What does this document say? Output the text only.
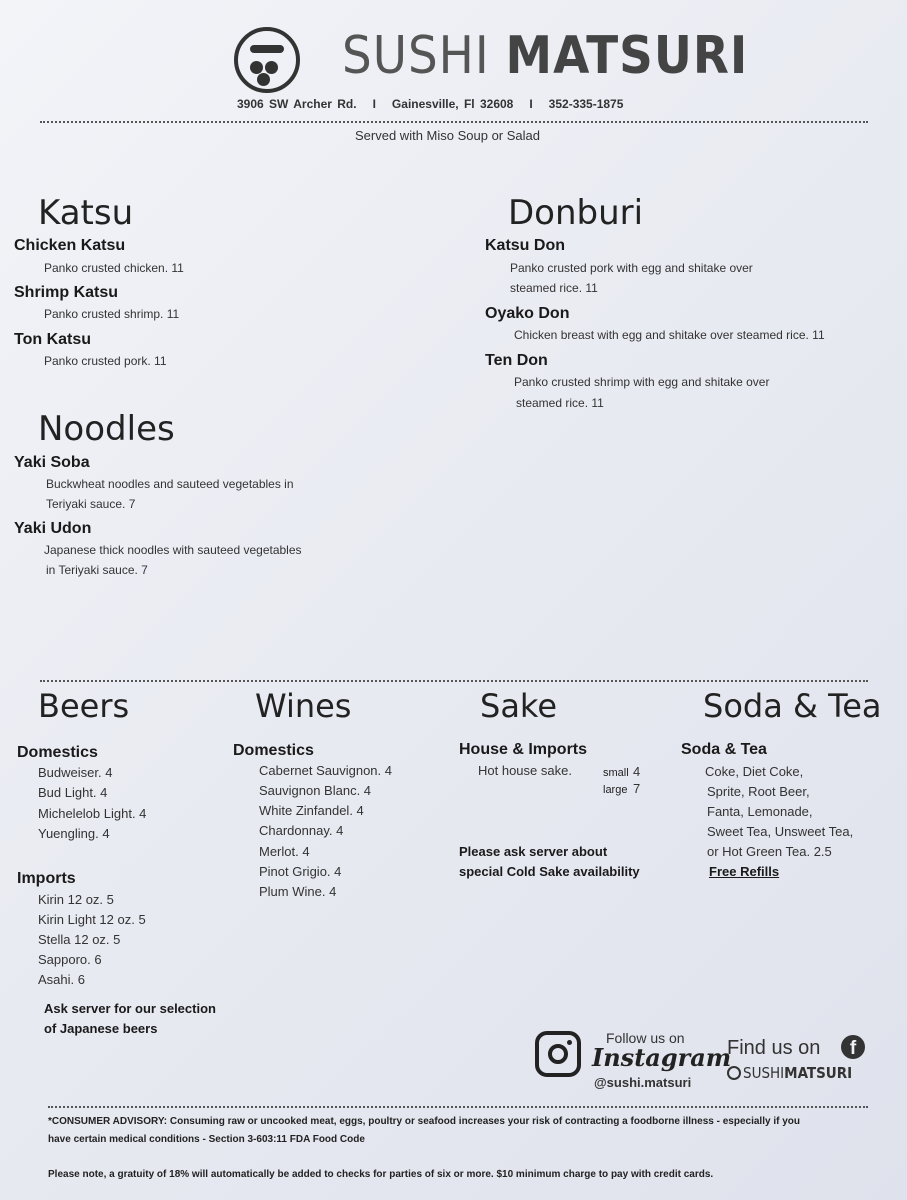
SUSHI MATSURI
3906 SW Archer Rd.   I   Gainesville, Fl 32608   I   352-335-1875
Served with Miso Soup or Salad
Katsu
Chicken Katsu
Panko crusted chicken. 11
Shrimp Katsu
Panko crusted shrimp. 11
Ton Katsu
Panko crusted pork. 11
Donburi
Katsu Don
Panko crusted pork with egg and shitake over
steamed rice. 11
Oyako Don
Chicken breast with egg and shitake over steamed rice. 11
Ten Don
Panko crusted shrimp with egg and shitake over
steamed rice. 11
Noodles
Yaki Soba
Buckwheat noodles and sauteed vegetables in
Teriyaki sauce. 7
Yaki Udon
Japanese thick noodles with sauteed vegetables
in Teriyaki sauce. 7
Beers
Domestics
Budweiser. 4
Bud Light. 4
Michelelob Light. 4
Yuengling. 4
Imports
Kirin 12 oz. 5
Kirin Light 12 oz. 5
Stella 12 oz. 5
Sapporo. 6
Asahi. 6
Ask server for our selection
of Japanese beers
Wines
Domestics
Cabernet Sauvignon. 4
Sauvignon Blanc. 4
White Zinfandel. 4
Chardonnay. 4
Merlot. 4
Pinot Grigio. 4
Plum Wine. 4
Sake
House & Imports
Hot house sake.	small 4
large 7
Please ask server about
special Cold Sake availability
Soda & Tea
Soda & Tea
Coke, Diet Coke,
Sprite, Root Beer,
Fanta, Lemonade,
Sweet Tea, Unsweet Tea,
or Hot Green Tea. 2.5
Free Refills
Follow us on
Instagram
@sushi.matsuri
Find us on	f
SUSHIMATSURI
*CONSUMER ADVISORY: Consuming raw or uncooked meat, eggs, poultry or seafood increases your risk of contracting a foodborne illness - especially if you
have certain medical conditions - Section 3-603:11 FDA Food Code
Please note, a gratuity of 18% will automatically be added to checks for parties of six or more. $10 minimum charge to pay with credit cards.
